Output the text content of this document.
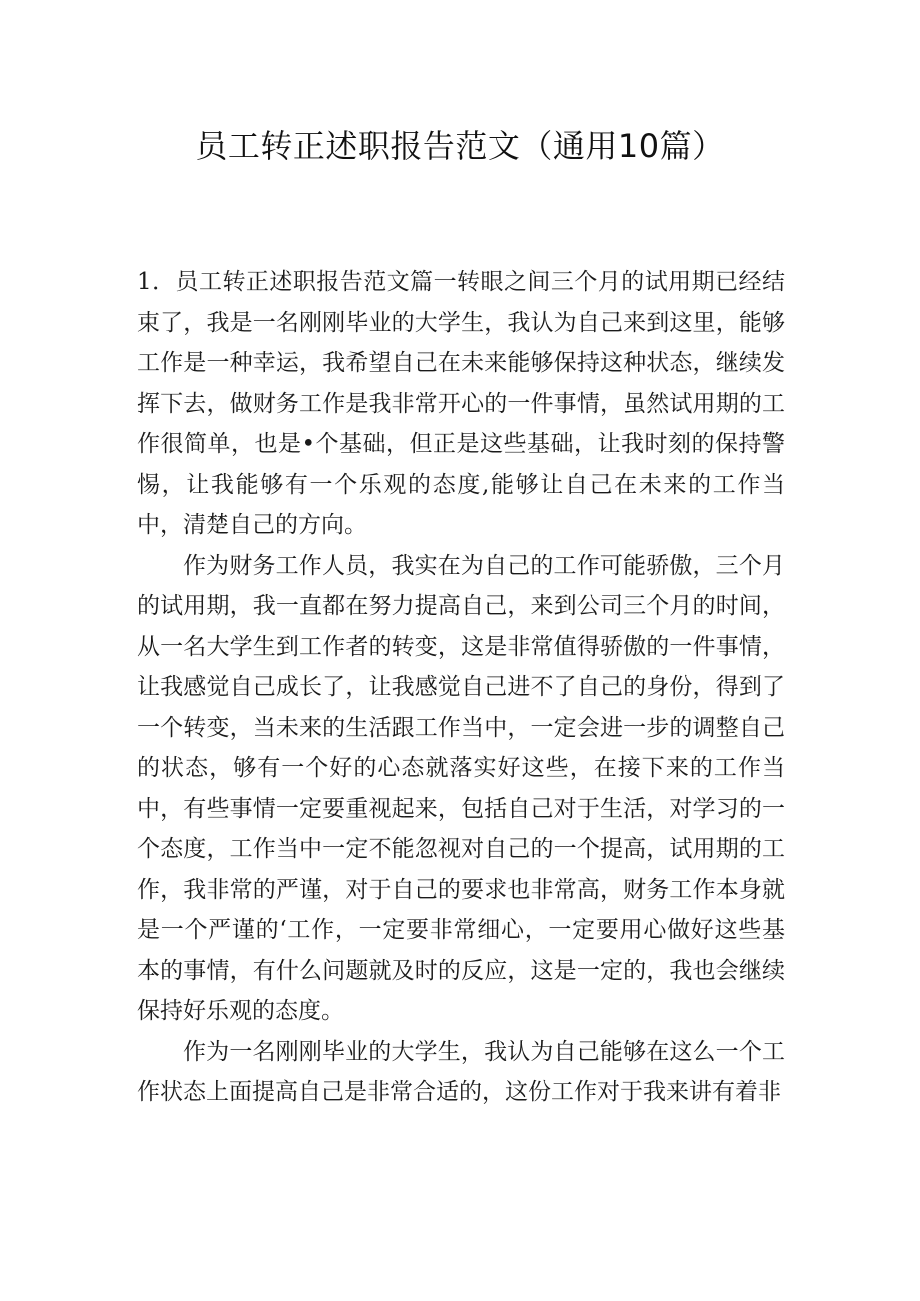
员工转正述职报告范文（通用10篇）

1．员工转正述职报告范文篇一转眼之间三个月的试用期已经结束了，我是一名刚刚毕业的大学生，我认为自己来到这里，能够工作是一种幸运，我希望自己在未来能够保持这种状态，继续发挥下去，做财务工作是我非常开心的一件事情，虽然试用期的工作很简单，也是•个基础，但正是这些基础，让我时刻的保持警惕，让我能够有一个乐观的态度,能够让自己在未来的工作当中，清楚自己的方向。

作为财务工作人员，我实在为自己的工作可能骄傲，三个月的试用期，我一直都在努力提高自己，来到公司三个月的时间，从一名大学生到工作者的转变，这是非常值得骄傲的一件事情，让我感觉自己成长了，让我感觉自己进不了自己的身份，得到了一个转变，当未来的生活跟工作当中，一定会进一步的调整自己的状态，够有一个好的心态就落实好这些，在接下来的工作当中，有些事情一定要重视起来，包括自己对于生活，对学习的一个态度，工作当中一定不能忽视对自己的一个提高，试用期的工作，我非常的严谨，对于自己的要求也非常高，财务工作本身就是一个严谨的‘工作，一定要非常细心，一定要用心做好这些基本的事情，有什么问题就及时的反应，这是一定的，我也会继续保持好乐观的态度。

作为一名刚刚毕业的大学生，我认为自己能够在这么一个工作状态上面提高自己是非常合适的，这份工作对于我来讲有着非
